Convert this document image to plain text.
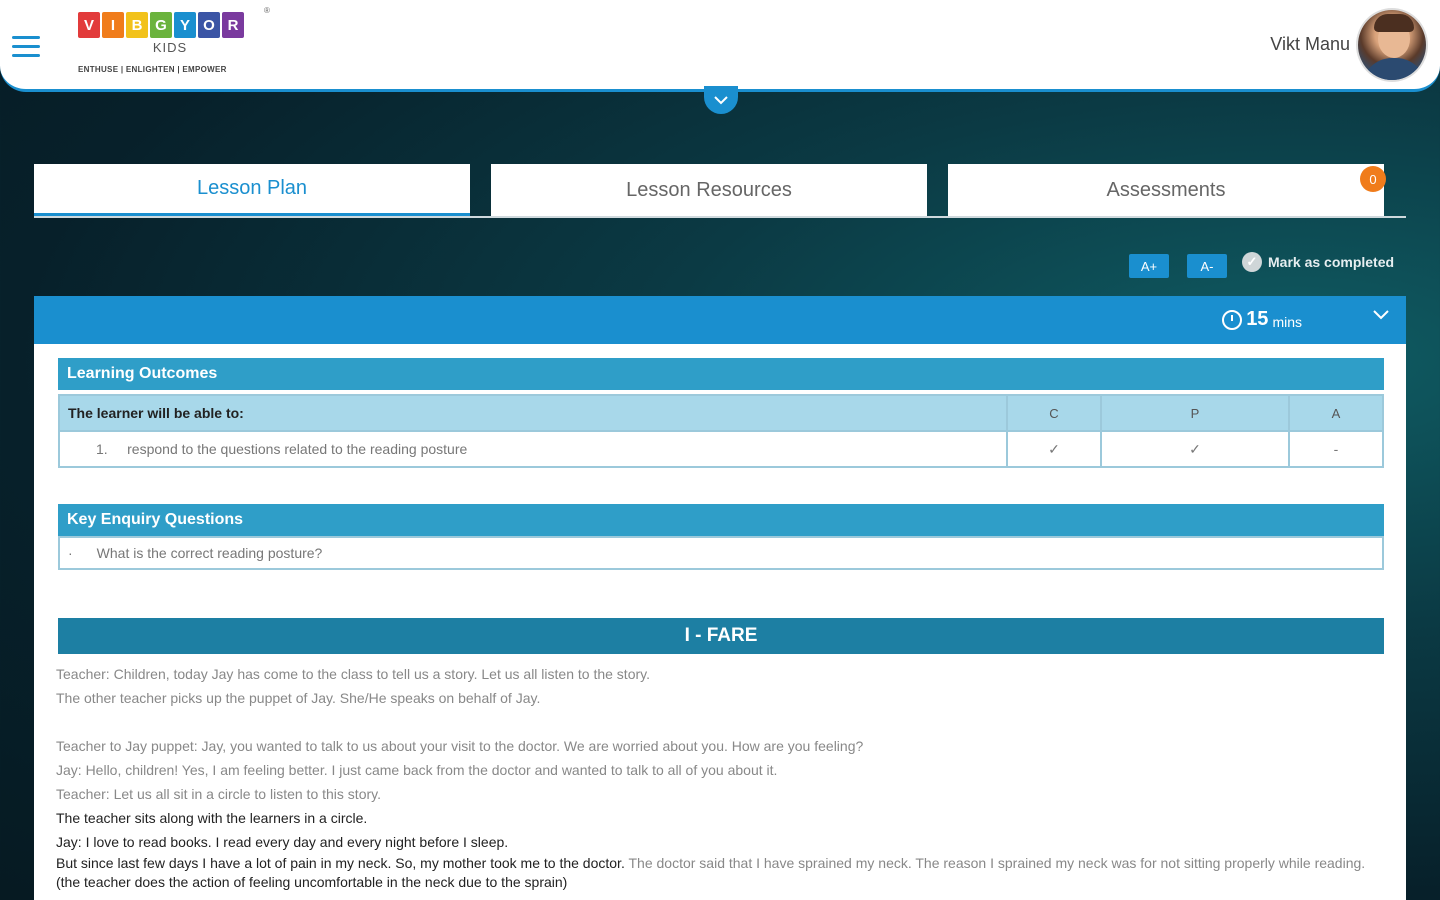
V	I	B G Y O R
®
KIDS
ENTHUSE | ENLIGHTEN | EMPOWER
Vikt Manu
Lesson Plan	Lesson Resources	Assessments	0
A+	A-	✓ Mark as completed
15 mins
Learning Outcomes
The learner will be able to:	C	P	A
1. respond to the questions related to the reading posture	✓	✓	-
Key Enquiry Questions
· What is the correct reading posture?
I - FARE

Teacher: Children, today Jay has come to the class to tell us a story. Let us all listen to the story.

The other teacher picks up the puppet of Jay. She/He speaks on behalf of Jay.

Teacher to Jay puppet: Jay, you wanted to talk to us about your visit to the doctor. We are worried about you. How are you feeling?

Jay: Hello, children! Yes, I am feeling better. I just came back from the doctor and wanted to talk to all of you about it.

Teacher: Let us all sit in a circle to listen to this story.

The teacher sits along with the learners in a circle.

Jay: I love to read books. I read every day and every night before I sleep.

But since last few days I have a lot of pain in my neck. So, my mother took me to the doctor. The doctor said that I have sprained my neck. The reason I sprained my neck was for not sitting properly while reading. (the teacher does the action of feeling uncomfortable in the neck due to the sprain)
